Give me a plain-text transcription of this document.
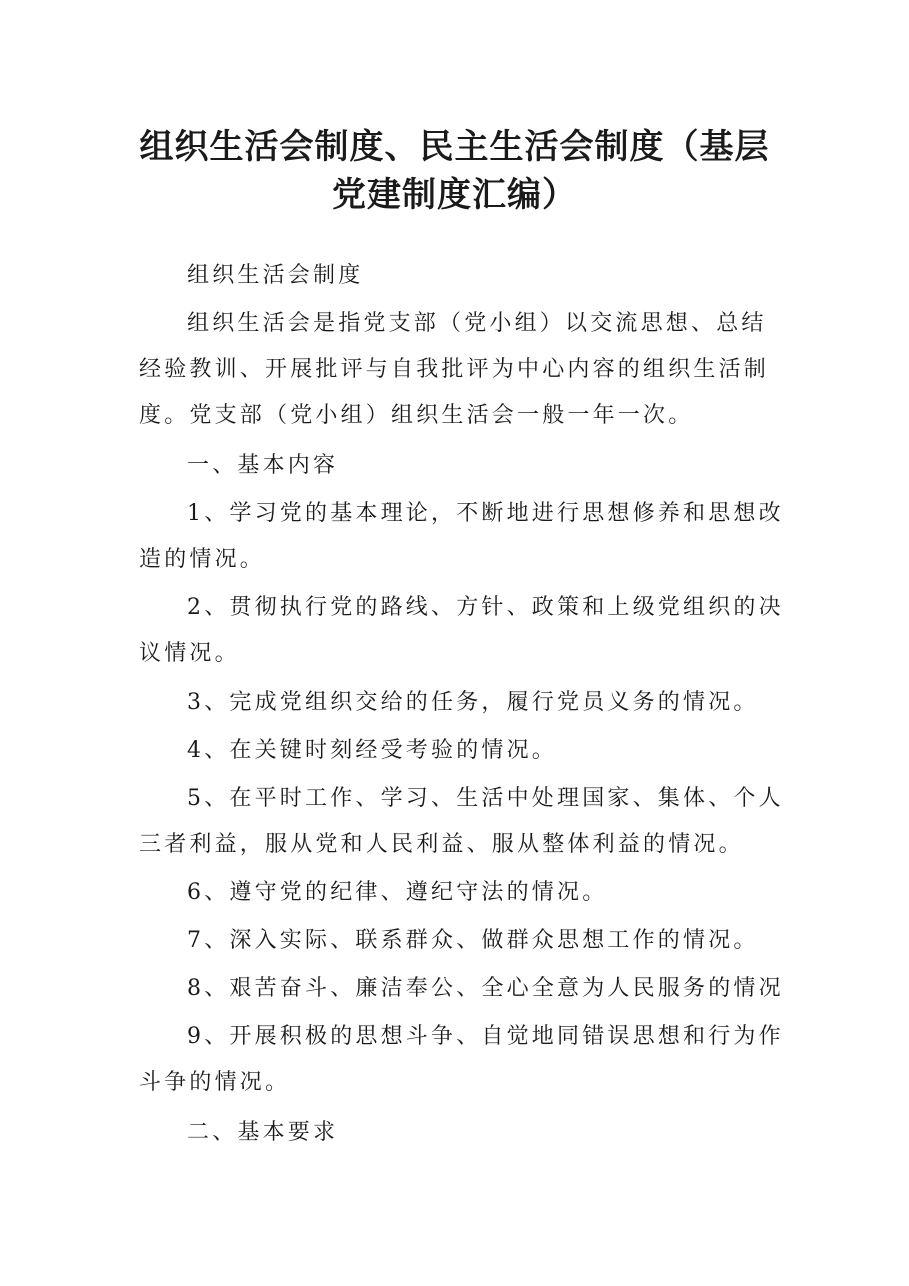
组织生活会制度、民主生活会制度（基层
党建制度汇编）

组织生活会制度

组织生活会是指党支部（党小组）以交流思想、总结
经验教训、开展批评与自我批评为中心内容的组织生活制
度。党支部（党小组）组织生活会一般一年一次。

一、基本内容

1、学习党的基本理论，不断地进行思想修养和思想改
造的情况。

2、贯彻执行党的路线、方针、政策和上级党组织的决
议情况。

3、完成党组织交给的任务，履行党员义务的情况。

4、在关键时刻经受考验的情况。

5、在平时工作、学习、生活中处理国家、集体、个人
三者利益，服从党和人民利益、服从整体利益的情况。

6、遵守党的纪律、遵纪守法的情况。

7、深入实际、联系群众、做群众思想工作的情况。

8、艰苦奋斗、廉洁奉公、全心全意为人民服务的情况

9、开展积极的思想斗争、自觉地同错误思想和行为作
斗争的情况。

二、基本要求
